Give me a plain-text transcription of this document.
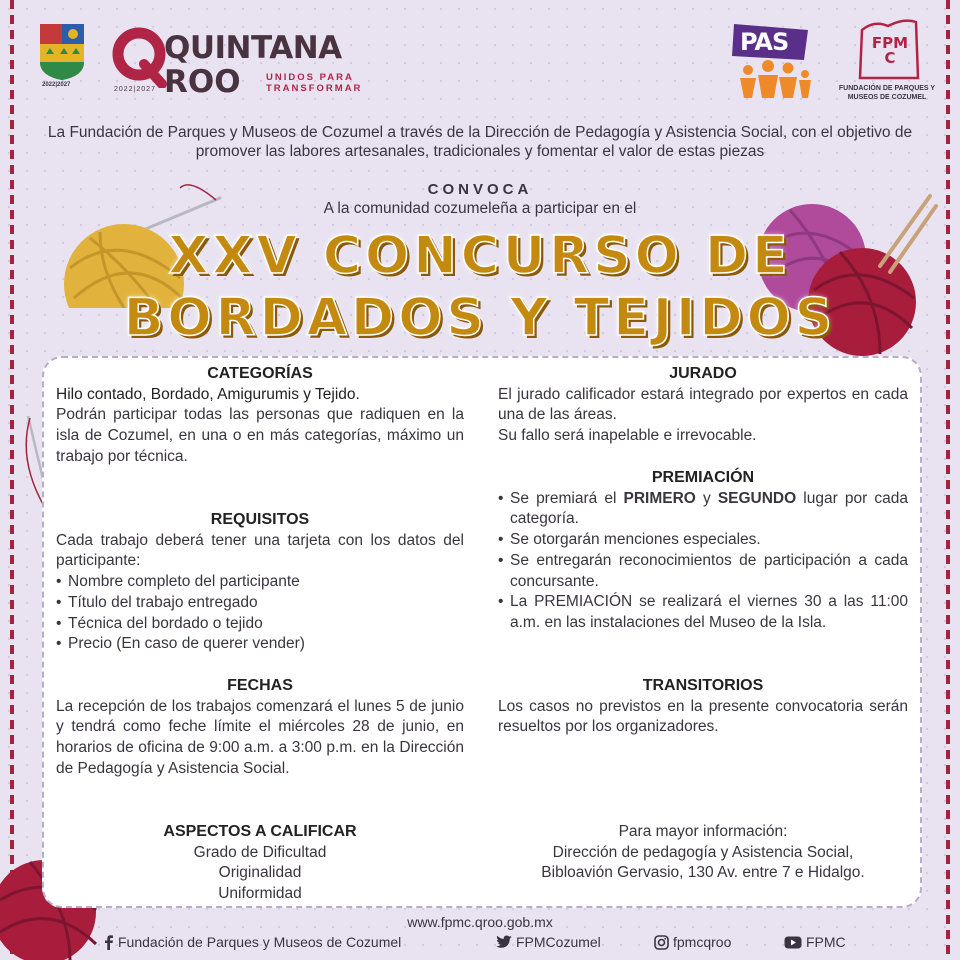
2022|2027
QUINTANA
ROO	UNIDOS PARA TRANSFORMAR
2022|2027
PAS	FPMC
FUNDACIÓN DE PARQUES Y MUSEOS DE COZUMEL
La Fundación de Parques y Museos de Cozumel a través de la Dirección de Pedagogía y Asistencia Social, con el objetivo de promover las labores artesanales, tradicionales y fomentar el valor de estas piezas
CONVOCA
A la comunidad cozumeleña a participar en el
XXV CONCURSO DE
BORDADOS Y TEJIDOS
CATEGORÍAS
Hilo contado, Bordado, Amigurumis y Tejido.
Podrán participar todas las personas que radiquen en la isla de Cozumel, en una o en más categorías, máximo un trabajo por técnica.
REQUISITOS
Cada trabajo deberá tener una tarjeta con los datos del participante:
• Nombre completo del participante
• Título del trabajo entregado
• Técnica del bordado o tejido
• Precio (En caso de querer vender)
FECHAS
La recepción de los trabajos comenzará el lunes 5 de junio y tendrá como feche límite el miércoles 28 de junio, en horarios de oficina de 9:00 a.m. a 3:00 p.m. en la Dirección de Pedagogía y Asistencia Social.
ASPECTOS A CALIFICAR
Grado de Dificultad
Originalidad
Uniformidad
JURADO
El jurado calificador estará integrado por expertos en cada una de las áreas.
Su fallo será inapelable e irrevocable.
PREMIACIÓN
• Se premiará el PRIMERO y SEGUNDO lugar por cada categoría.
• Se otorgarán menciones especiales.
• Se entregarán reconocimientos de participación a cada concursante.
• La PREMIACIÓN se realizará el viernes 30 a las 11:00 a.m. en las instalaciones del Museo de la Isla.
TRANSITORIOS
Los casos no previstos en la presente convocatoria serán resueltos por los organizadores.
Para mayor información:
Dirección de pedagogía y Asistencia Social,
Bibloavión Gervasio, 130 Av. entre 7 e Hidalgo.
www.fpmc.qroo.gob.mx
Fundación de Parques y Museos de Cozumel	FPMCozumel	fpmcqroo	FPMC
